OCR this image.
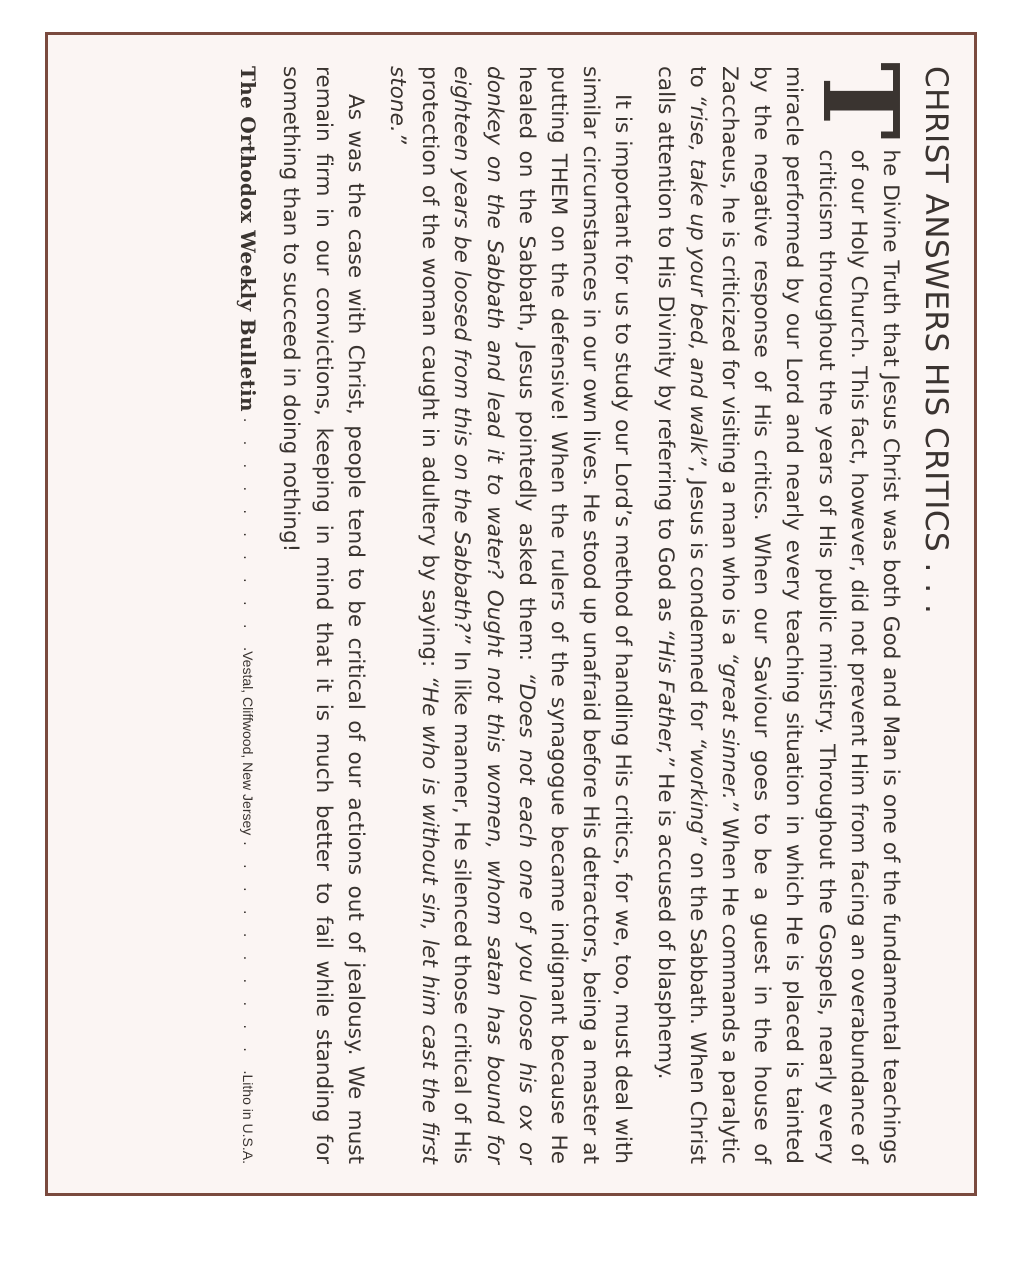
CHRIST ANSWERS HIS CRITICS . . .

T
he Divine Truth that Jesus Christ was both God and Man is one of the fundamental teachings of our Holy Church. This fact, however, did not prevent Him from facing an overabundance of criticism throughout the years of His public ministry. Throughout the Gospels, nearly every miracle performed by our Lord and nearly every teaching situation in which He is placed is tainted by the negative response of His critics. When our Saviour goes to be a guest in the house of Zacchaeus, he is criticized for visiting a man who is a “great sinner.” When He commands a paralytic to “rise, take up your bed, and walk”, Jesus is condemned for “working” on the Sabbath. When Christ calls attention to His Divinity by referring to God as “His Father,” He is accused of blasphemy.

It is important for us to study our Lord’s method of handling His critics, for we, too, must deal with similar circumstances in our own lives. He stood up unafraid before His detractors, being a master at putting THEM on the defensive! When the rulers of the synagogue became indignant because He healed on the Sabbath, Jesus pointedly asked them: “Does not each one of you loose his ox or donkey on the Sabbath and lead it to water? Ought not this women, whom satan has bound for eighteen years be loosed from this on the Sabbath?” In like manner, He silenced those critical of His protection of the woman caught in adultery by saying: “He who is without sin, let him cast the first stone.”

As was the case with Christ, people tend to be critical of our actions out of jealousy. We must remain firm in our convictions, keeping in mind that it is much better to fail while standing for something than to succeed in doing nothing!

The Orthodox Weekly Bulletin
. . .
Vestal, Cliffwood, New Jersey
. . .
Litho in U.S.A.
